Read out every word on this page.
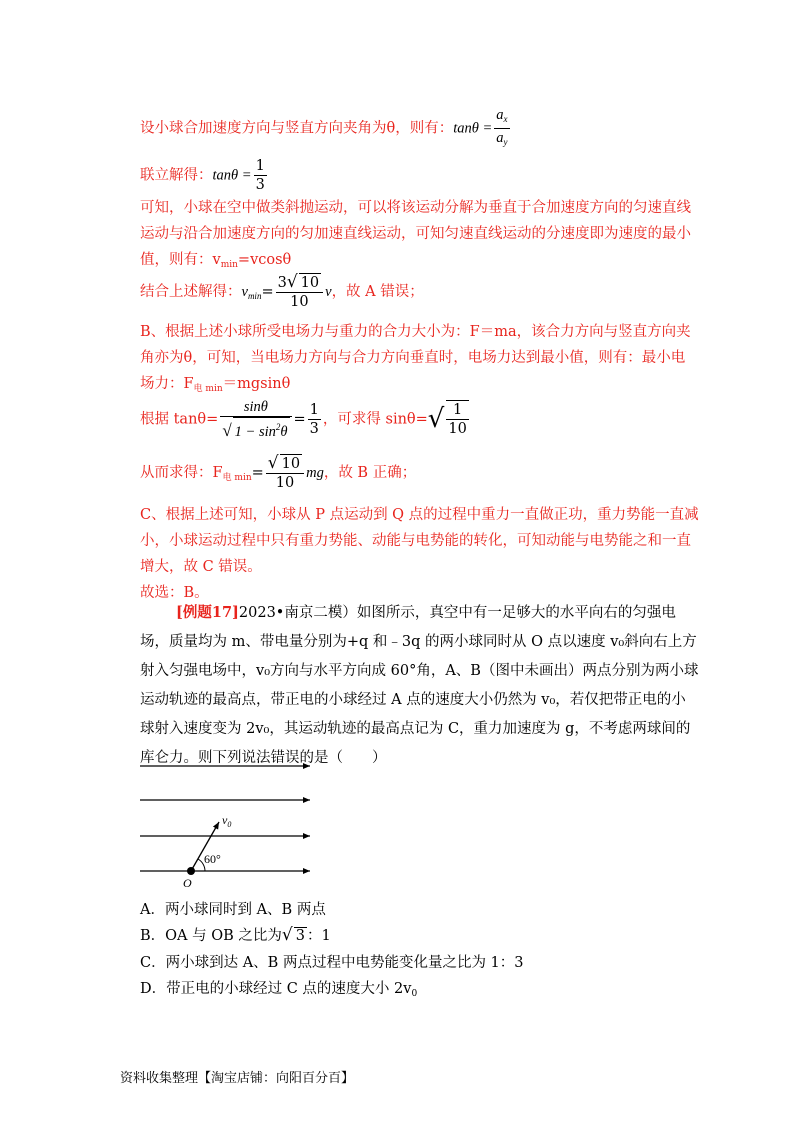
设小球合加速度方向与竖直方向夹角为θ，则有：$\tan\theta = \frac{a_x}{a_y}$
联立解得：$\tan\theta = \frac{1}{3}$
可知，小球在空中做类斜抛运动，可以将该运动分解为垂直于合加速度方向的匀速直线
运动与沿合加速度方向的匀加速直线运动，可知匀速直线运动的分速度即为速度的最小
值，则有：$v_{min}=vcos\theta$
结合上述解得：$v_{min}= \frac{3√ 10}{10}$ v，故 A 错误；
B、根据上述小球所受电场力与重力的合力大小为：F＝ma，该合力方向与竖直方向夹
角亦为θ，可知，当电场力方向与合力方向垂直时，电场力达到最小值，则有：最小电
场力：$F_{电 min}=mgsin\theta$
根据 $\tan\theta= \frac{\sin\theta}{√ 1 - \sin^2\theta} = \frac{1}{3}$ ，可求得 $\sin\theta=√ \frac{1}{10}$
从而求得：$F_{电 min}= \frac{√ 10}{10}$ mg，故 B 正确；
C、根据上述可知，小球从 P 点运动到 Q 点的过程中重力一直做正功，重力势能一直减
小，小球运动过程中只有重力势能、动能与电势能的转化，可知动能与电势能之和一直
增大，故 C 错误。
故选：B。
[例题17]2023•南京二模）如图所示，真空中有一足够大的水平向右的匀强电场，质量均为 m、带电量分别为+q 和﹣3q 的两小球同时从 O 点以速度 v₀斜向右上方射入匀强电场中，v₀方向与水平方向成 60°角，A、B（图中未画出）两点分别为两小球运动轨迹的最高点，带正电的小球经过 A 点的速度大小仍然为 v₀，若仅把带正电的小球射入速度变为 2v₀，其运动轨迹的最高点记为 C，重力加速度为 g，不考虑两球间的库仑力。则下列说法错误的是（　　）
$v_0$
60°
O
A．两小球同时到 A、B 两点
B．OA 与 OB 之比为√ 3 ：1
C．两小球到达 A、B 两点过程中电势能变化量之比为 1：3
D．带正电的小球经过 C 点的速度大小 $2v_0$
资料收集整理【淘宝店铺：向阳百分百】
